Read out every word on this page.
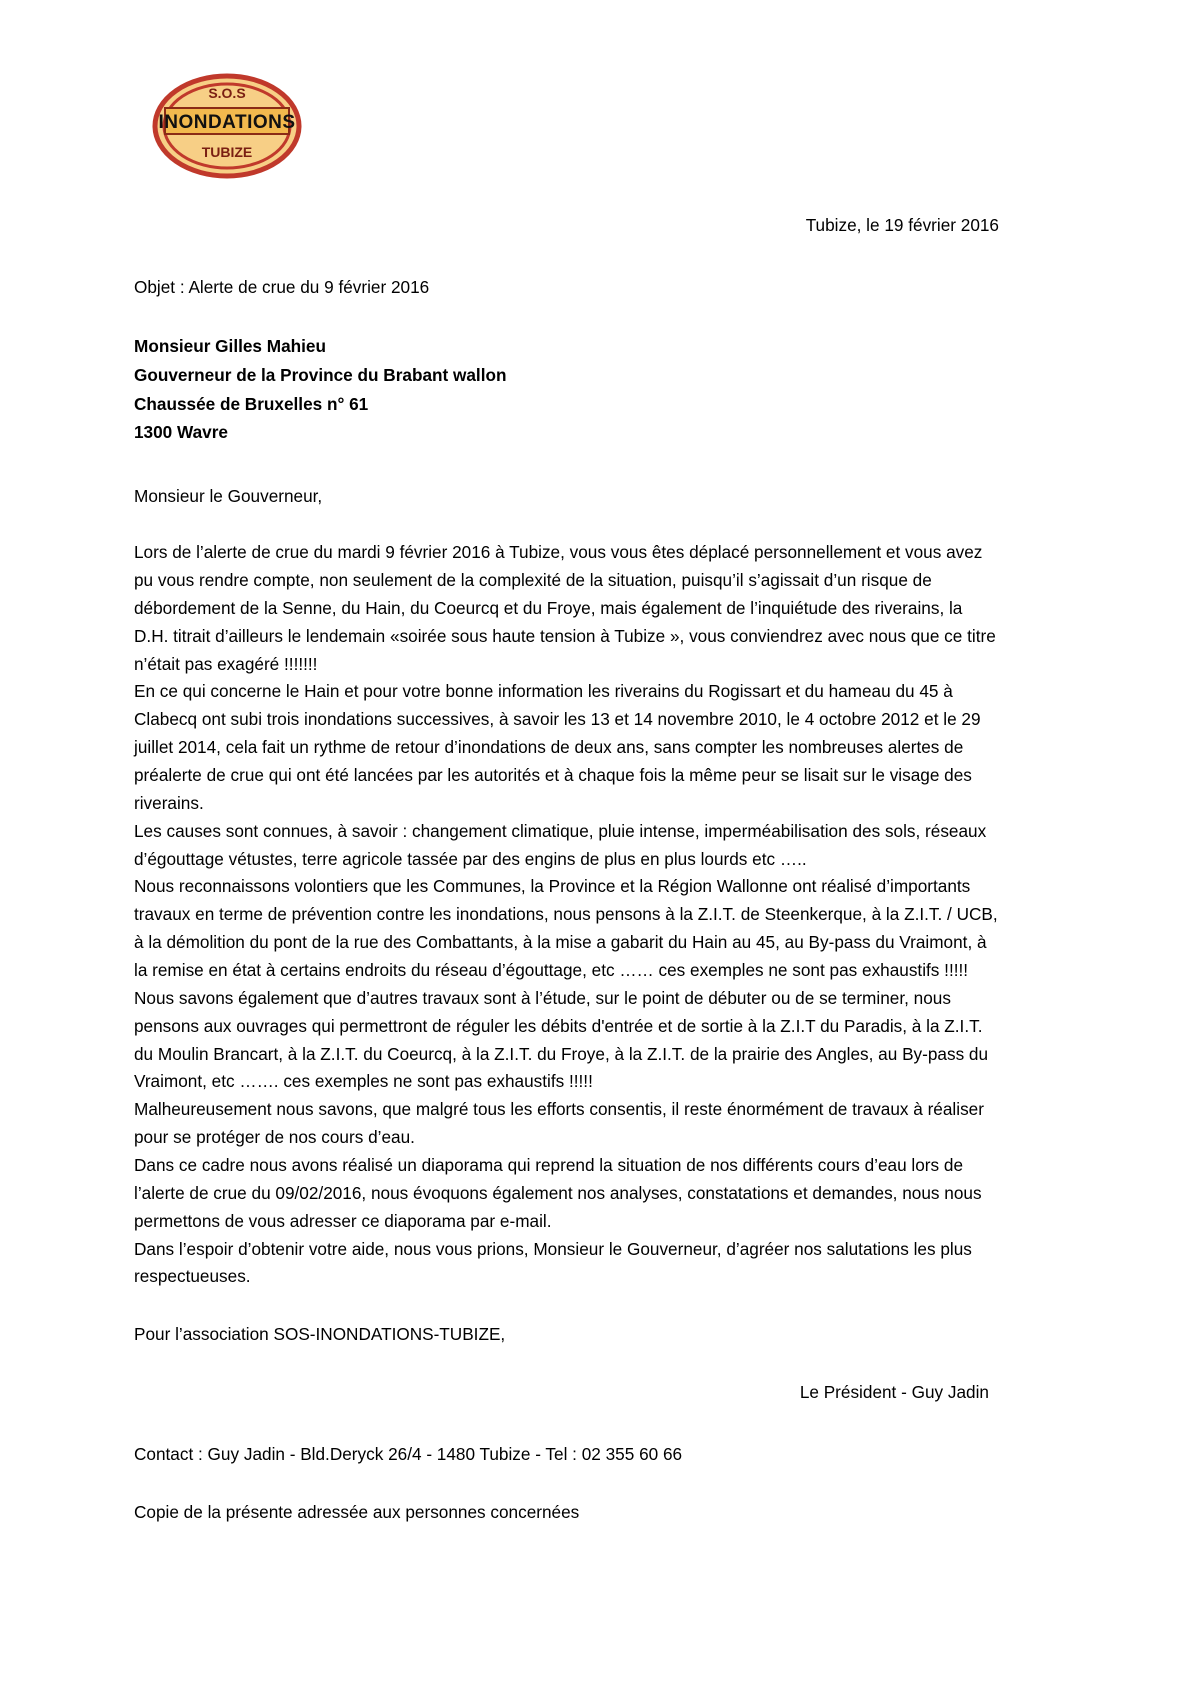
S.O.S
INONDATIONS
TUBIZE
Tubize, le 19 février 2016
Objet : Alerte de crue du 9 février 2016
Monsieur Gilles Mahieu
Gouverneur de la Province du Brabant wallon
Chaussée de Bruxelles n° 61
1300 Wavre
Monsieur le Gouverneur,

Lors de l’alerte de crue du mardi 9 février 2016 à Tubize, vous vous êtes déplacé personnellement et vous avez pu vous rendre compte, non seulement de la complexité de la situation, puisqu’il s’agissait d’un risque de débordement de la Senne, du Hain, du Coeurcq et du Froye, mais également de l’inquiétude des riverains, la D.H. titrait d’ailleurs le lendemain «soirée sous haute tension à Tubize », vous conviendrez avec nous que ce titre n’était pas exagéré !!!!!!!

En ce qui concerne le Hain et pour votre bonne information les riverains du Rogissart et du hameau du 45 à Clabecq ont subi trois inondations successives, à savoir les 13 et 14 novembre 2010, le 4 octobre 2012 et le 29 juillet 2014, cela fait un rythme de retour d’inondations de deux ans, sans compter les nombreuses alertes de préalerte de crue qui ont été lancées par les autorités et à chaque fois la même peur se lisait sur le visage des riverains.

Les causes sont connues, à savoir : changement climatique, pluie intense, imperméabilisation des sols, réseaux d’égouttage vétustes, terre agricole tassée par des engins de plus en plus lourds etc …..

Nous reconnaissons volontiers que les Communes, la Province et la Région Wallonne ont réalisé d’importants travaux en terme de prévention contre les inondations, nous pensons à la Z.I.T. de Steenkerque, à la Z.I.T. / UCB, à la démolition du pont de la rue des Combattants, à la mise a gabarit du Hain au 45, au By-pass du Vraimont, à la remise en état à certains endroits du réseau d’égouttage, etc …… ces exemples ne sont pas exhaustifs !!!!!

Nous savons également que d’autres travaux sont à l’étude, sur le point de débuter ou de se terminer, nous pensons aux ouvrages qui permettront de réguler les débits d'entrée et de sortie à la Z.I.T du Paradis, à la Z.I.T. du Moulin Brancart, à la Z.I.T. du Coeurcq, à la Z.I.T. du Froye, à la Z.I.T. de la prairie des Angles, au By-pass du Vraimont, etc ……. ces exemples ne sont pas exhaustifs !!!!!

Malheureusement nous savons, que malgré tous les efforts consentis, il reste énormément de travaux à réaliser pour se protéger de nos cours d’eau.

Dans ce cadre nous avons réalisé un diaporama qui reprend la situation de nos différents cours d’eau lors de l’alerte de crue du 09/02/2016, nous évoquons également nos analyses, constatations et demandes, nous nous permettons de vous adresser ce diaporama par e-mail.

Dans l’espoir d’obtenir votre aide, nous vous prions, Monsieur le Gouverneur, d’agréer nos salutations les plus respectueuses.

Pour l’association SOS-INONDATIONS-TUBIZE,
Le Président - Guy Jadin
Contact : Guy Jadin - Bld.Deryck 26/4 - 1480 Tubize - Tel : 02 355 60 66
Copie de la présente adressée aux personnes concernées
